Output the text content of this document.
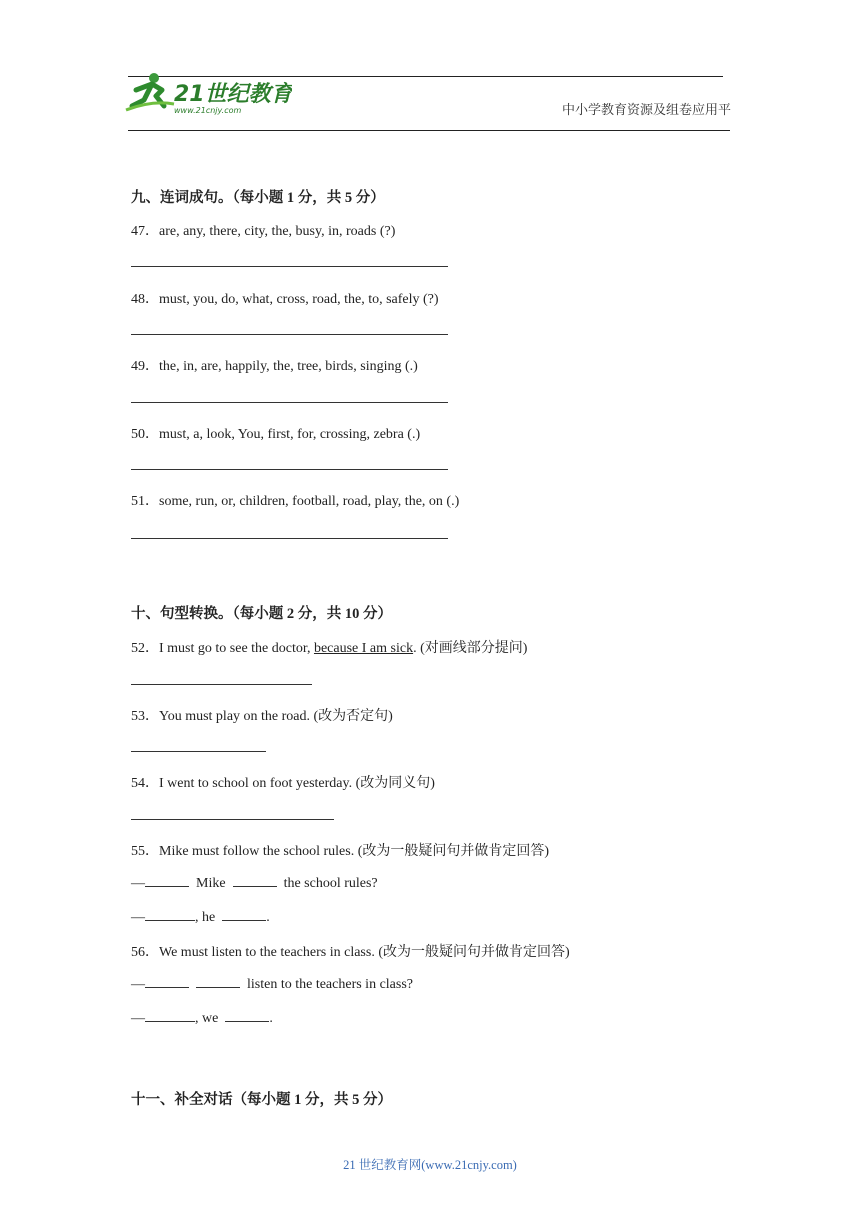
21世纪教育
www.21cnjy.com	中小学教育资源及组卷应用平
九、连词成句。（每小题 1 分，共 5 分）
47．are, any, there, city, the, busy, in, roads (?)
48．must, you, do, what, cross, road, the, to, safely (?)
49．the, in, are, happily, the, tree, birds, singing (.)
50．must, a, look, You, first, for, crossing, zebra (.)
51．some, run, or, children, football, road, play, the, on (.)
十、句型转换。（每小题 2 分，共 10 分）
52．I must go to see the doctor, because I am sick. (对画线部分提问)
53．You must play on the road. (改为否定句)
54．I went to school on foot yesterday. (改为同义句)
55．Mike must follow the school rules. (改为一般疑问句并做肯定回答)
—	Mike	the school rules?
—	, he	.
56．We must listen to the teachers in class. (改为一般疑问句并做肯定回答)
—	listen to the teachers in class?
—	, we	.
十一、补全对话（每小题 1 分，共 5 分）
21 世纪教育网(www.21cnjy.com)
